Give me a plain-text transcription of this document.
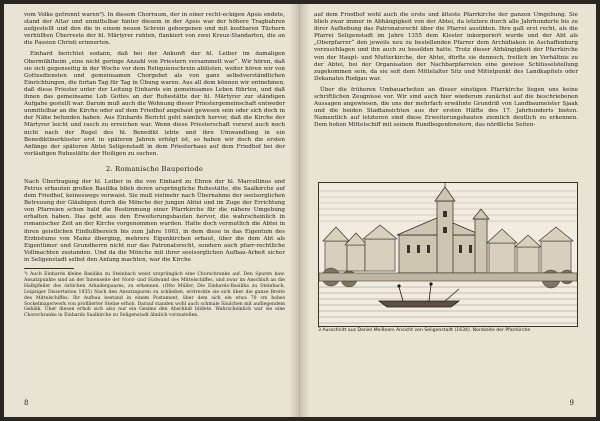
vom Volke getrennt waren³). In diesem Chorraum, der in einer recht-eckigen Apsis endete, stand der Altar und unmittelbar hinter diesem in der Apsis war der höhere Tragbahren aufgestellt und den die in einem neuen Schrein geborgenen und mit kostbaren Tüchern verhüllten Überreste der hl. Märtyrer ruhten, flankiert von zwei Kreuz-Standarten, die an die Passion Christi erinnerten.

Einhard berichtet sodann, daß bei der Ankunft der hl. Leiber im damaligen Obermühlheim „eine nicht geringe Anzahl von Priestern versammelt war“. Wir hören, daß sie sich gegenseitig in der Woche vor dem Reliquienschrein ablösten, weiter hören wir von Gottesdiensten und gemeinsamen Chorgebet als von ganz selbstverständlichen Einrichtungen, die fortan Tag für Tag in Übung waren. Aus all dem können wir entnehmen, daß diese Priester unter der Leitung Einhards ein gemeinsames Leben führten, und daß ihnen das gemeinsame Lob Gottes an der Ruhestätte der hl. Märtyrer zur ständigen Aufgabe gestellt war. Darum muß auch die Wohnung dieser Priestergemeinschaft entweder unmittelbar an die Kirche oder auf dem Friedhof angebaut gewesen sein oder sich doch in der Nähe befunden haben. Aus Einhards Bericht geht nämlich hervor, daß die Kirche der Märtyrer leicht und rasch zu erreichen war. Wenn diese Priesterschaft vorerst auch noch nicht nach der Regel des hl. Benedikt lebte und ihre Umwandlung in ein Benediktinerkloster erst in späteren Jahren erfolgt ist, so haben wir doch die ersten Anfänge der späteren Abtei Seligenstadt in dem Priesterhaus auf dem Friedhof bei der vorläufigen Ruhestätte der Heiligen zu suchen.

2. Romanische Bauperiode

Nach Übertragung der hl. Leiber in die von Einhard zu Ehren der hl. Marcellinus und Petrus erbauten großen Basilika blieb deren ursprüngliche Ruhestätte, die Saalkirche auf dem Friedhof, keineswegs verwaist. Sie muß vielmehr nach Übernahme der seelsorglichen Betreuung der Gläubigen durch die Mönche der jungen Abtei und im Zuge der Errichtung von Pfarreien schon bald die Bestimmung einer Pfarrkirche für die nähere Umgebung erhalten haben. Das geht aus den Erweiterungsbauten hervor, die wahrscheinlich in romanischer Zeit an der Kirche vorgenommen wurden. Hatte doch vermutlich die Abtei in ihren geistlichen Einflußbereich bis zum Jahre 1063, in dem diese in das Eigentum des Erzbistums von Mainz überging, mehrere Eigenkirchen erbaut, über die dem Abt als Eigentümer und Grundherrn nicht nur das Patronatsrecht, sondern auch pfarr-rechtliche Vollmachten zustanden. Und da die Mönche mit ihrer seelsorglichen Aufbau-Arbeit sicher in Seligenstadt selbst den Anfang machten, war die Kirche

³) Auch Einhards kleine Basilika zu Steinbach weist ursprünglich eine Chorschranke auf. Den Spuren baw. Ansatzpunkte sind an der Innenseite der Nord- und Südwand des Mittelschiffes, und zwar im Anschluß an die Halbpfeiler des östlichen Arkadenpaares, zu erkennen. (Otto Müller, Die Einhards-Basilika zu Steinbach, Leipziger Dissertation 1935) Nach den Ansatzspuren zu schließen, erstreckte sie sich über die ganze Breite des Mittelschiffes. Ihr Aufbau bestand in einem Postament, über dem sich ein etwa 70 cm hohes Sockelmauerwerk von profilierter Steine erhob. Darauf standen wohl auch schmale Säulchen mit aufliegendem Gebälk. Über diesen erhob sich also nur ein Gesims den Abschluß bildete. Wahrscheinlich war sie eine Chorschranke in Einhards Saalkirche zu Seligenstadt ähnlich vorzustellen.

8

auf dem Friedhof wohl auch die erste und älteste Pfarrkirche der ganzen Umgebung. Sie blieb zwar immer in Abhängigkeit von der Abtei, da letztere durch alle Jahrhunderte bis zu ihrer Aufhebung das Patronatsrecht über die Pfarrei ausübten. Ihre galt erst recht, als die Pfarrei Seligenstadt im Jahre 1355 dem Kloster inkorporiert wurde und der Abt als „Oberpfarrer“ den jeweils neu zu bestellenden Pfarrer dem Archidiakon in Aschaffenburg vorzuschlagen und ihn auch zu besolden hatte. Trotz dieser Abhängigkeit der Pfarrkirche von der Haupt- und Mutterkirche, der Abtei, dürfte sie dennoch, freilich im Verhältnis zu der Abtei, bei der Organisation der Nachbarpfarreien eine gewisse Schlüsselstellung zugekommen sein, da sie seit dem Mittelalter Sitz und Mittelpunkt des Landkapitels oder Dekanates Rodgau war.

Über die früheren Umbauarbeiten an dieser einstigen Pfarrkirche liegen uns keine schriftlichen Zeugnisse vor. Wir sind auch hier wiederum zunächst auf die beschriebenen Aussagen angewiesen, die uns der mehrfach erwähnte Grundriß von Landbaumeister Sjaak und die beiden Stadtansichten aus der ersten Hälfte des 17. Jahrhunderts bieten. Namentlich auf letzteren sind diese Erweiterungsbauten ziemlich deutlich zu erkennen. Dem hohen Mittelschiff mit seinem Rundbogenfenstern, das nördliche Seiten-

3 Ausschnitt aus Daniel Meißners Ansicht von Seligenstadt (1634). Nordseite der Pfarrkirche
9
